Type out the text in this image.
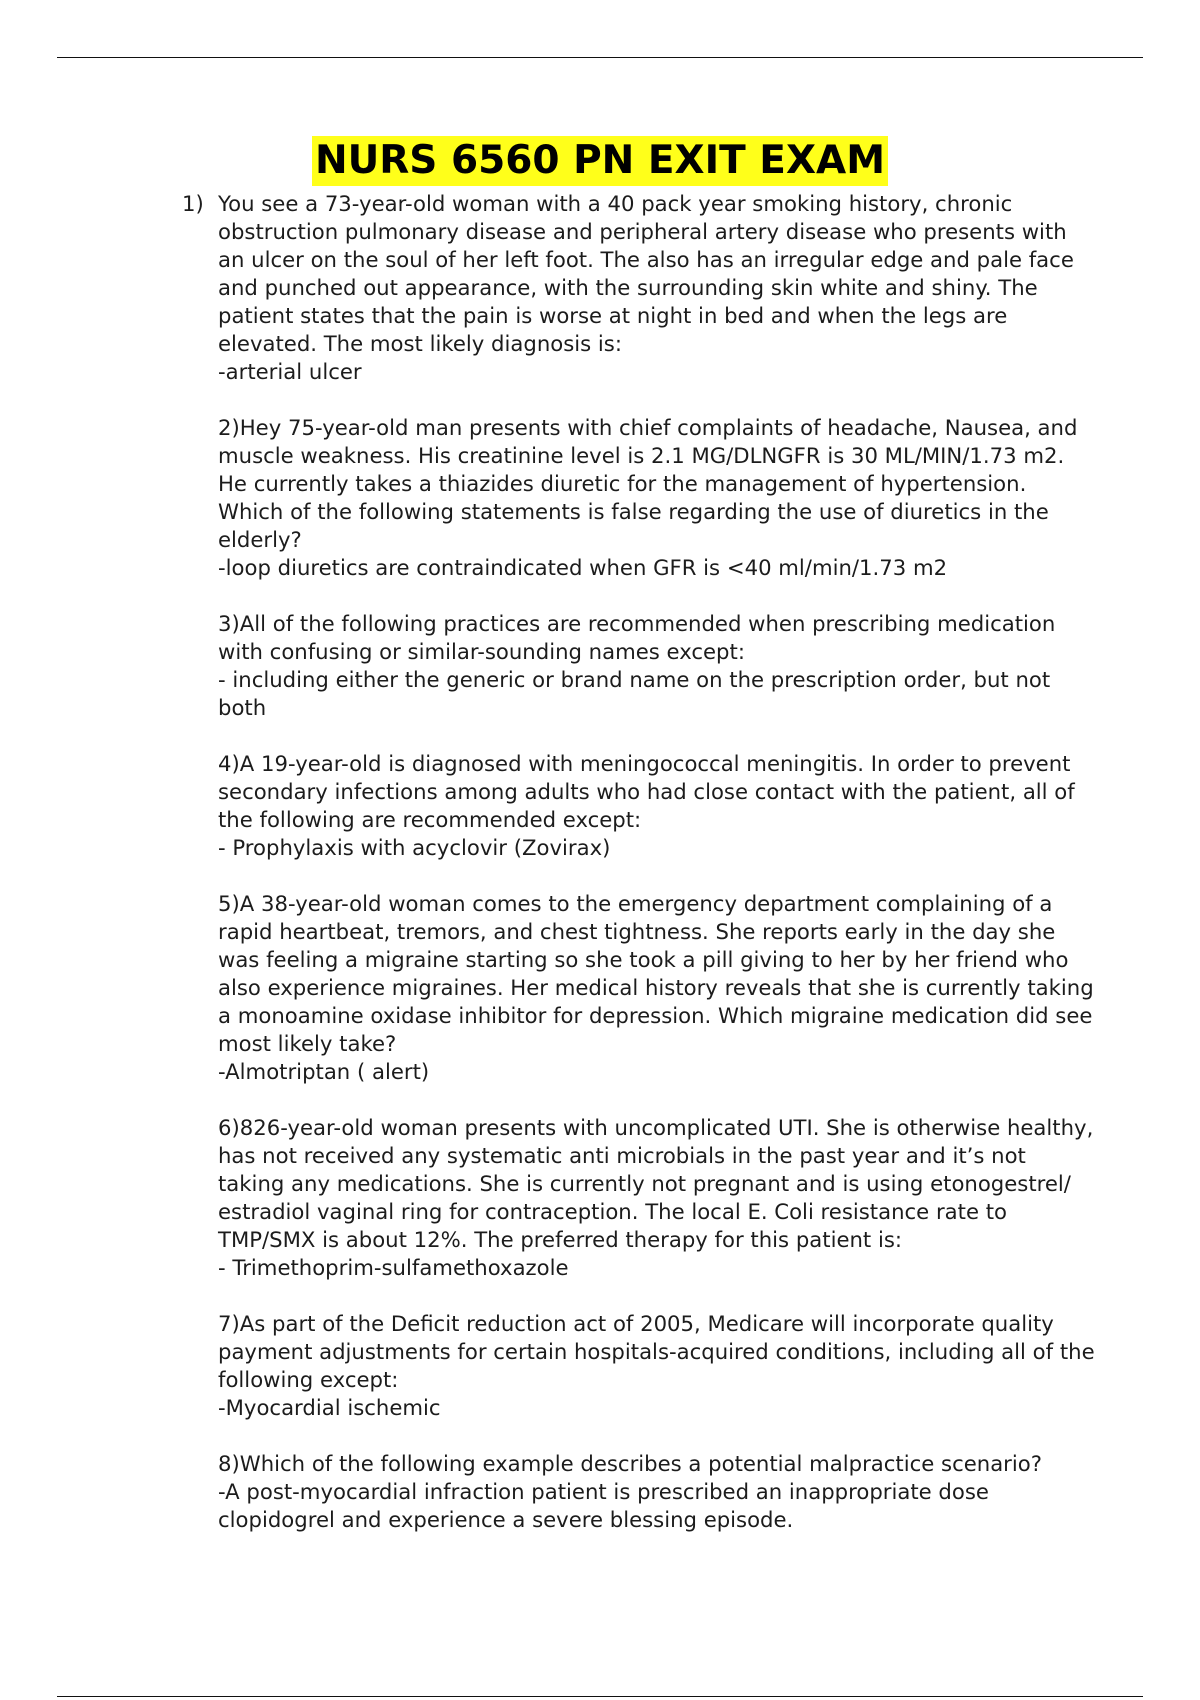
NURS 6560 PN EXIT EXAM
1) You see a 73-year-old woman with a 40 pack year smoking history, chronic obstruction pulmonary disease and peripheral artery disease who presents with an ulcer on the soul of her left foot. The also has an irregular edge and pale face and punched out appearance, with the surrounding skin white and shiny. The patient states that the pain is worse at night in bed and when the legs are elevated. The most likely diagnosis is:
-arterial ulcer
2)Hey 75-year-old man presents with chief complaints of headache, Nausea, and muscle weakness. His creatinine level is 2.1 MG/DLNGFR is 30 ML/MIN/1.73 m2. He currently takes a thiazides diuretic for the management of hypertension. Which of the following statements is false regarding the use of diuretics in the elderly?
-loop diuretics are contraindicated when GFR is <40 ml/min/1.73 m2
3)All of the following practices are recommended when prescribing medication with confusing or similar-sounding names except:
- including either the generic or brand name on the prescription order, but not both
4)A 19-year-old is diagnosed with meningococcal meningitis. In order to prevent secondary infections among adults who had close contact with the patient, all of the following are recommended except:
- Prophylaxis with acyclovir (Zovirax)
5)A 38-year-old woman comes to the emergency department complaining of a rapid heartbeat, tremors, and chest tightness. She reports early in the day she was feeling a migraine starting so she took a pill giving to her by her friend who also experience migraines. Her medical history reveals that she is currently taking a monoamine oxidase inhibitor for depression. Which migraine medication did see most likely take?
-Almotriptan ( alert)
6)826-year-old woman presents with uncomplicated UTI. She is otherwise healthy, has not received any systematic anti microbials in the past year and it’s not taking any medications. She is currently not pregnant and is using etonogestrel/ estradiol vaginal ring for contraception. The local E. Coli resistance rate to TMP/SMX is about 12%. The preferred therapy for this patient is:
- Trimethoprim-sulfamethoxazole
7)As part of the Deficit reduction act of 2005, Medicare will incorporate quality payment adjustments for certain hospitals-acquired conditions, including all of the following except:
-Myocardial ischemic
8)Which of the following example describes a potential malpractice scenario?
-A post-myocardial infraction patient is prescribed an inappropriate dose clopidogrel and experience a severe blessing episode.
